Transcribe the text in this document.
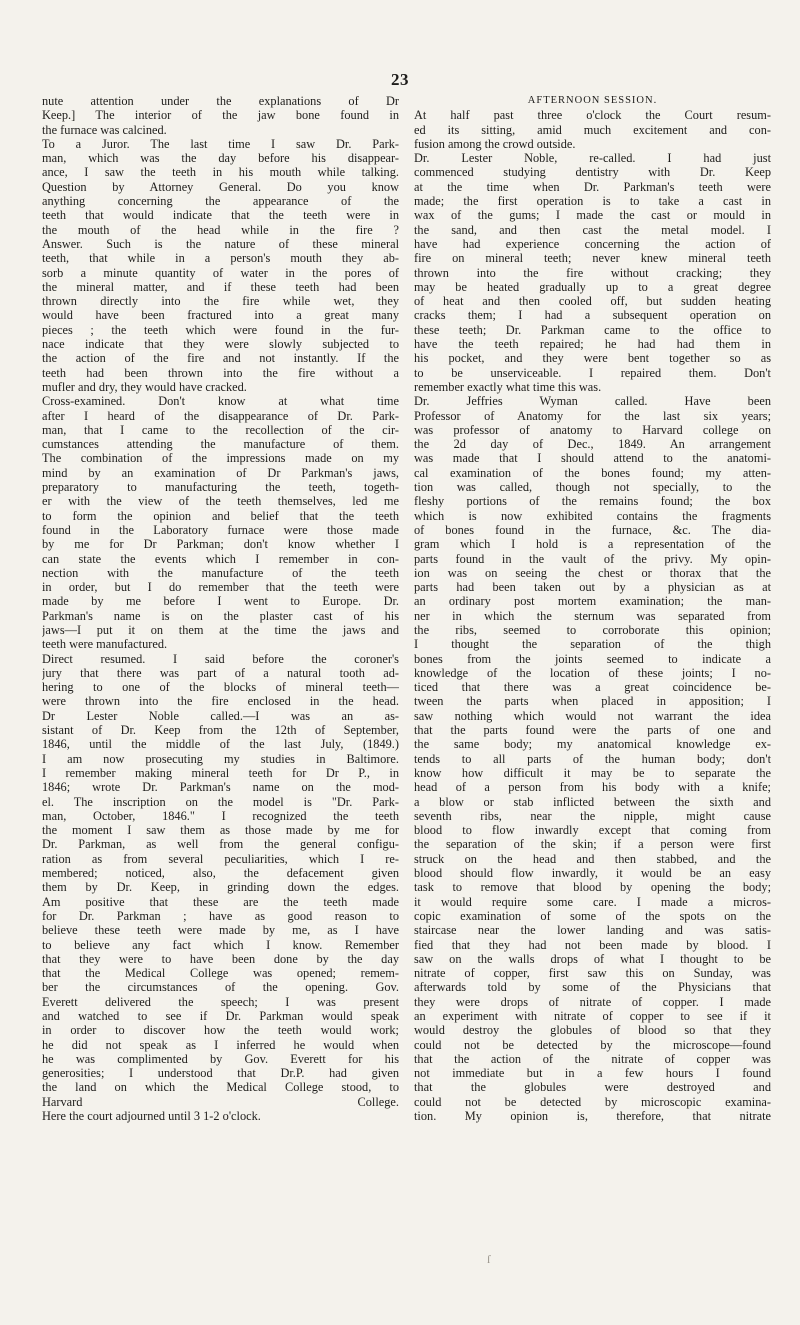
23
nute attention under the explanations of Dr
Keep.] The interior of the jaw bone found in
the furnace was calcined.
To a Juror. The last time I saw Dr. Park-
man, which was the day before his disappear-
ance, I saw the teeth in his mouth while talking.
Question by Attorney General. Do you know
anything concerning the appearance of the
teeth that would indicate that the teeth were in
the mouth of the head while in the fire ?
Answer. Such is the nature of these mineral
teeth, that while in a person's mouth they ab-
sorb a minute quantity of water in the pores of
the mineral matter, and if these teeth had been
thrown directly into the fire while wet, they
would have been fractured into a great many
pieces ; the teeth which were found in the fur-
nace indicate that they were slowly subjected to
the action of the fire and not instantly. If the
teeth had been thrown into the fire without a
mufler and dry, they would have cracked.
Cross-examined. Don't know at what time
after I heard of the disappearance of Dr. Park-
man, that I came to the recollection of the cir-
cumstances attending the manufacture of them.
The combination of the impressions made on my
mind by an examination of Dr Parkman's jaws,
preparatory to manufacturing the teeth, togeth-
er with the view of the teeth themselves, led me
to form the opinion and belief that the teeth
found in the Laboratory furnace were those made
by me for Dr Parkman; don't know whether I
can state the events which I remember in con-
nection with the manufacture of the teeth
in order, but I do remember that the teeth were
made by me before I went to Europe. Dr.
Parkman's name is on the plaster cast of his
jaws—I put it on them at the time the jaws and
teeth were manufactured.
Direct resumed. I said before the coroner's
jury that there was part of a natural tooth ad-
hering to one of the blocks of mineral teeth—
were thrown into the fire enclosed in the head.
Dr Lester Noble called.—I was an as-
sistant of Dr. Keep from the 12th of September,
1846, until the middle of the last July, (1849.)
I am now prosecuting my studies in Baltimore.
I remember making mineral teeth for Dr P., in
1846; wrote Dr. Parkman's name on the mod-
el. The inscription on the model is "Dr. Park-
man, October, 1846." I recognized the teeth
the moment I saw them as those made by me for
Dr. Parkman, as well from the general configu-
ration as from several peculiarities, which I re-
membered; noticed, also, the defacement given
them by Dr. Keep, in grinding down the edges.
Am positive that these are the teeth made
for Dr. Parkman ; have as good reason to
believe these teeth were made by me, as I have
to believe any fact which I know. Remember
that they were to have been done by the day
that the Medical College was opened; remem-
ber the circumstances of the opening. Gov.
Everett delivered the speech; I was present
and watched to see if Dr. Parkman would speak
in order to discover how the teeth would work;
he did not speak as I inferred he would when
he was complimented by Gov. Everett for his
generosities; I understood that Dr.P. had given
the land on which the Medical College stood, to
Harvard College.
Here the court adjourned until 3 1-2 o'clock.
AFTERNOON SESSION.
At half past three o'clock the Court resum-
ed its sitting, amid much excitement and con-
fusion among the crowd outside.
Dr. Lester Noble, re-called. I had just
commenced studying dentistry with Dr. Keep
at the time when Dr. Parkman's teeth were
made; the first operation is to take a cast in
wax of the gums; I made the cast or mould in
the sand, and then cast the metal model. I
have had experience concerning the action of
fire on mineral teeth; never knew mineral teeth
thrown into the fire without cracking; they
may be heated gradually up to a great degree
of heat and then cooled off, but sudden heating
cracks them; I had a subsequent operation on
these teeth; Dr. Parkman came to the office to
have the teeth repaired; he had had them in
his pocket, and they were bent together so as
to be unserviceable. I repaired them. Don't
remember exactly what time this was.
Dr. Jeffries Wyman called. Have been
Professor of Anatomy for the last six years;
was professor of anatomy to Harvard college on
the 2d day of Dec., 1849. An arrangement
was made that I should attend to the anatomi-
cal examination of the bones found; my atten-
tion was called, though not specially, to the
fleshy portions of the remains found; the box
which is now exhibited contains the fragments
of bones found in the furnace, &c. The dia-
gram which I hold is a representation of the
parts found in the vault of the privy. My opin-
ion was on seeing the chest or thorax that the
parts had been taken out by a physician as at
an ordinary post mortem examination; the man-
ner in which the sternum was separated from
the ribs, seemed to corroborate this opinion;
I thought the separation of the thigh
bones from the joints seemed to indicate a
knowledge of the location of these joints; I no-
ticed that there was a great coincidence be-
tween the parts when placed in apposition; I
saw nothing which would not warrant the idea
that the parts found were the parts of one and
the same body; my anatomical knowledge ex-
tends to all parts of the human body; don't
know how difficult it may be to separate the
head of a person from his body with a knife;
a blow or stab inflicted between the sixth and
seventh ribs, near the nipple, might cause
blood to flow inwardly except that coming from
the separation of the skin; if a person were first
struck on the head and then stabbed, and the
blood should flow inwardly, it would be an easy
task to remove that blood by opening the body;
it would require some care. I made a micros-
copic examination of some of the spots on the
staircase near the lower landing and was satis-
fied that they had not been made by blood. I
saw on the walls drops of what I thought to be
nitrate of copper, first saw this on Sunday, was
afterwards told by some of the Physicians that
they were drops of nitrate of copper. I made
an experiment with nitrate of copper to see if it
would destroy the globules of blood so that they
could not be detected by the microscope—found
that the action of the nitrate of copper was
not immediate but in a few hours I found
that the globules were destroyed and
could not be detected by microscopic examina-
tion. My opinion is, therefore, that nitrate
ſ
